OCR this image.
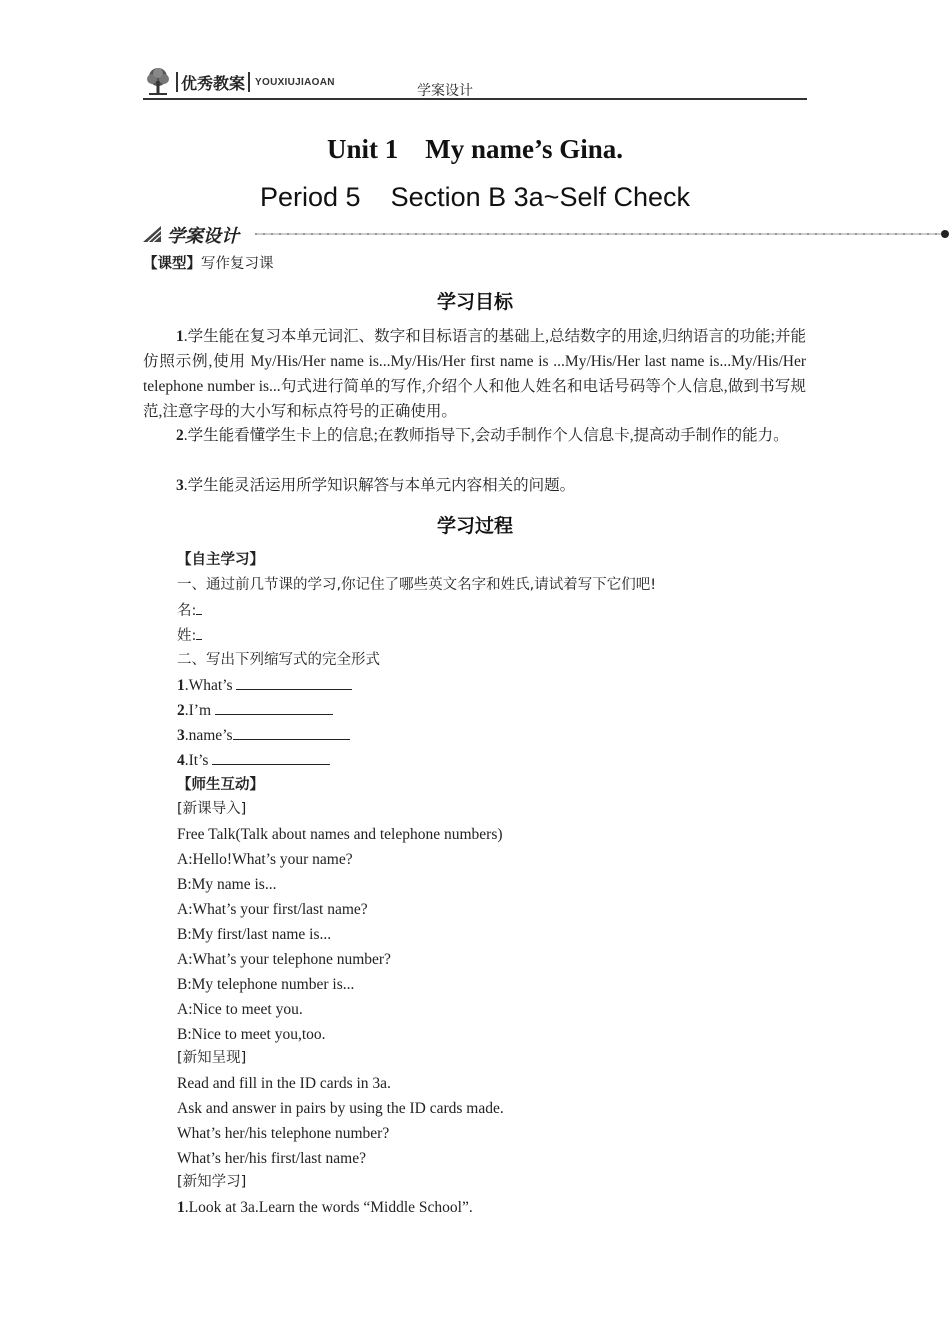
优秀教案 YOUXIUJIAOAN
学案设计
Unit 1    My name’s Gina.
Period 5    Section B 3a~Self Check
学案设计
【课型】写作复习课
学习目标
1.学生能在复习本单元词汇、数字和目标语言的基础上,总结数字的用途,归纳语言的功能;并能仿照示例,使用 My/His/Her name is...My/His/Her first name is ...My/His/Her last name is...My/His/Her telephone number is...句式进行简单的写作,介绍个人和他人姓名和电话号码等个人信息,做到书写规范,注意字母的大小写和标点符号的正确使用。
2.学生能看懂学生卡上的信息;在教师指导下,会动手制作个人信息卡,提高动手制作的能力。
3.学生能灵活运用所学知识解答与本单元内容相关的问题。
学习过程
【自主学习】
一、通过前几节课的学习,你记住了哪些英文名字和姓氏,请试着写下它们吧!
名:
姓:
二、写出下列缩写式的完全形式
1.What’s
2.I’m
3.name’s
4.It’s
【师生互动】
[新课导入]
Free Talk(Talk about names and telephone numbers)
A:Hello!What’s your name?
B:My name is...
A:What’s your first/last name?
B:My first/last name is...
A:What’s your telephone number?
B:My telephone number is...
A:Nice to meet you.
B:Nice to meet you,too.
[新知呈现]
Read and fill in the ID cards in 3a.
Ask and answer in pairs by using the ID cards made.
What’s her/his telephone number?
What’s her/his first/last name?
[新知学习]
1.Look at 3a.Learn the words “Middle School”.
